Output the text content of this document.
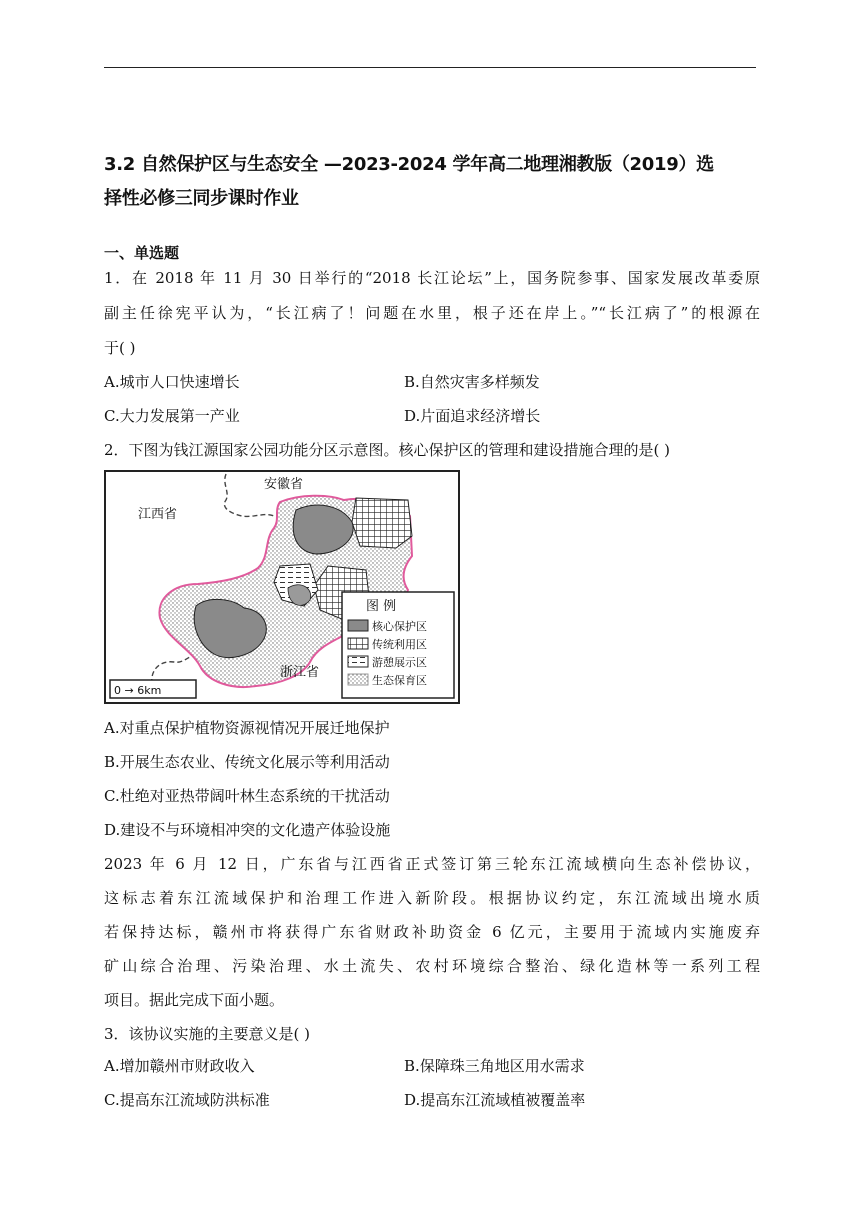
3.2 自然保护区与生态安全 —2023-2024 学年高二地理湘教版（2019）选
择性必修三同步课时作业
一、单选题
1．在 2018 年 11 月 30 日举行的“2018 长江论坛”上，国务院参事、国家发展改革委原
副主任徐宪平认为，“长江病了！问题在水里，根子还在岸上。”“长江病了”的根源在
于( )
A.城市人口快速增长	B.自然灾害多样频发
C.大力发展第一产业	D.片面追求经济增长
2．下图为钱江源国家公园功能分区示意图。核心保护区的管理和建设措施合理的是( )
安徽省
江西省
浙江省
0 → 6km
图 例
核心保护区
传统利用区
游憩展示区
生态保育区
A.对重点保护植物资源视情况开展迁地保护
B.开展生态农业、传统文化展示等利用活动
C.杜绝对亚热带阔叶林生态系统的干扰活动
D.建设不与环境相冲突的文化遗产体验设施
2023 年 6 月 12 日，广东省与江西省正式签订第三轮东江流域横向生态补偿协议，
这标志着东江流域保护和治理工作进入新阶段。根据协议约定，东江流域出境水质
若保持达标，赣州市将获得广东省财政补助资金 6 亿元，主要用于流域内实施废弃
矿山综合治理、污染治理、水土流失、农村环境综合整治、绿化造林等一系列工程
项目。据此完成下面小题。
3．该协议实施的主要意义是( )
A.增加赣州市财政收入	B.保障珠三角地区用水需求
C.提高东江流域防洪标准	D.提高东江流域植被覆盖率
